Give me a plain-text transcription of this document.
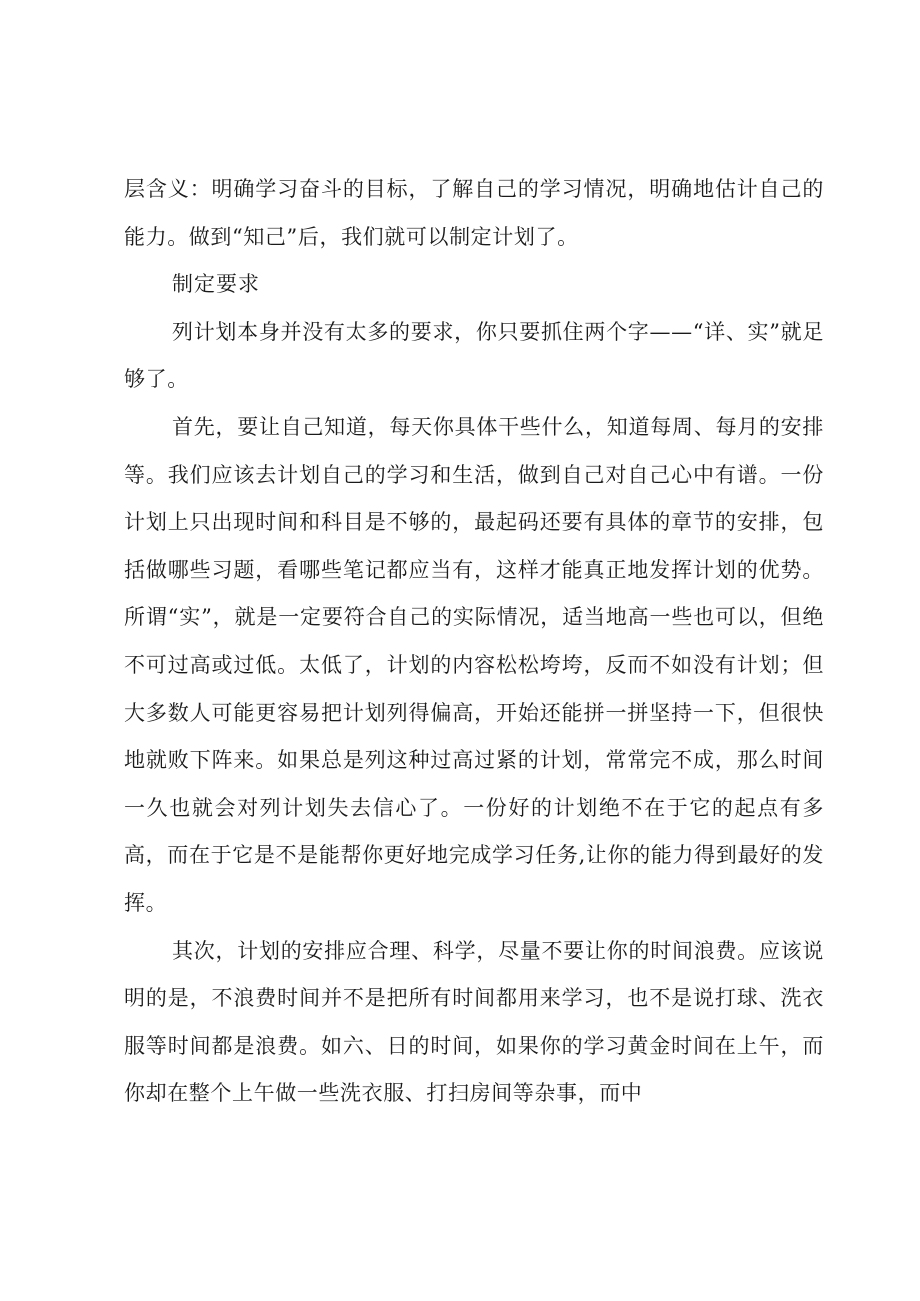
层含义：明确学习奋斗的目标，了解自己的学习情况，明确地估计自己的能力。做到“知己”后，我们就可以制定计划了。

制定要求

列计划本身并没有太多的要求，你只要抓住两个字——“详、实”就足够了。

首先，要让自己知道，每天你具体干些什么，知道每周、每月的安排等。我们应该去计划自己的学习和生活，做到自己对自己心中有谱。一份计划上只出现时间和科目是不够的，最起码还要有具体的章节的安排，包括做哪些习题，看哪些笔记都应当有，这样才能真正地发挥计划的优势。所谓“实”，就是一定要符合自己的实际情况，适当地高一些也可以，但绝不可过高或过低。太低了，计划的内容松松垮垮，反而不如没有计划；但大多数人可能更容易把计划列得偏高，开始还能拼一拼坚持一下，但很快地就败下阵来。如果总是列这种过高过紧的计划，常常完不成，那么时间一久也就会对列计划失去信心了。一份好的计划绝不在于它的起点有多高，而在于它是不是能帮你更好地完成学习任务,让你的能力得到最好的发挥。

其次，计划的安排应合理、科学，尽量不要让你的时间浪费。应该说明的是，不浪费时间并不是把所有时间都用来学习，也不是说打球、洗衣服等时间都是浪费。如六、日的时间，如果你的学习黄金时间在上午，而你却在整个上午做一些洗衣服、打扫房间等杂事，而中
